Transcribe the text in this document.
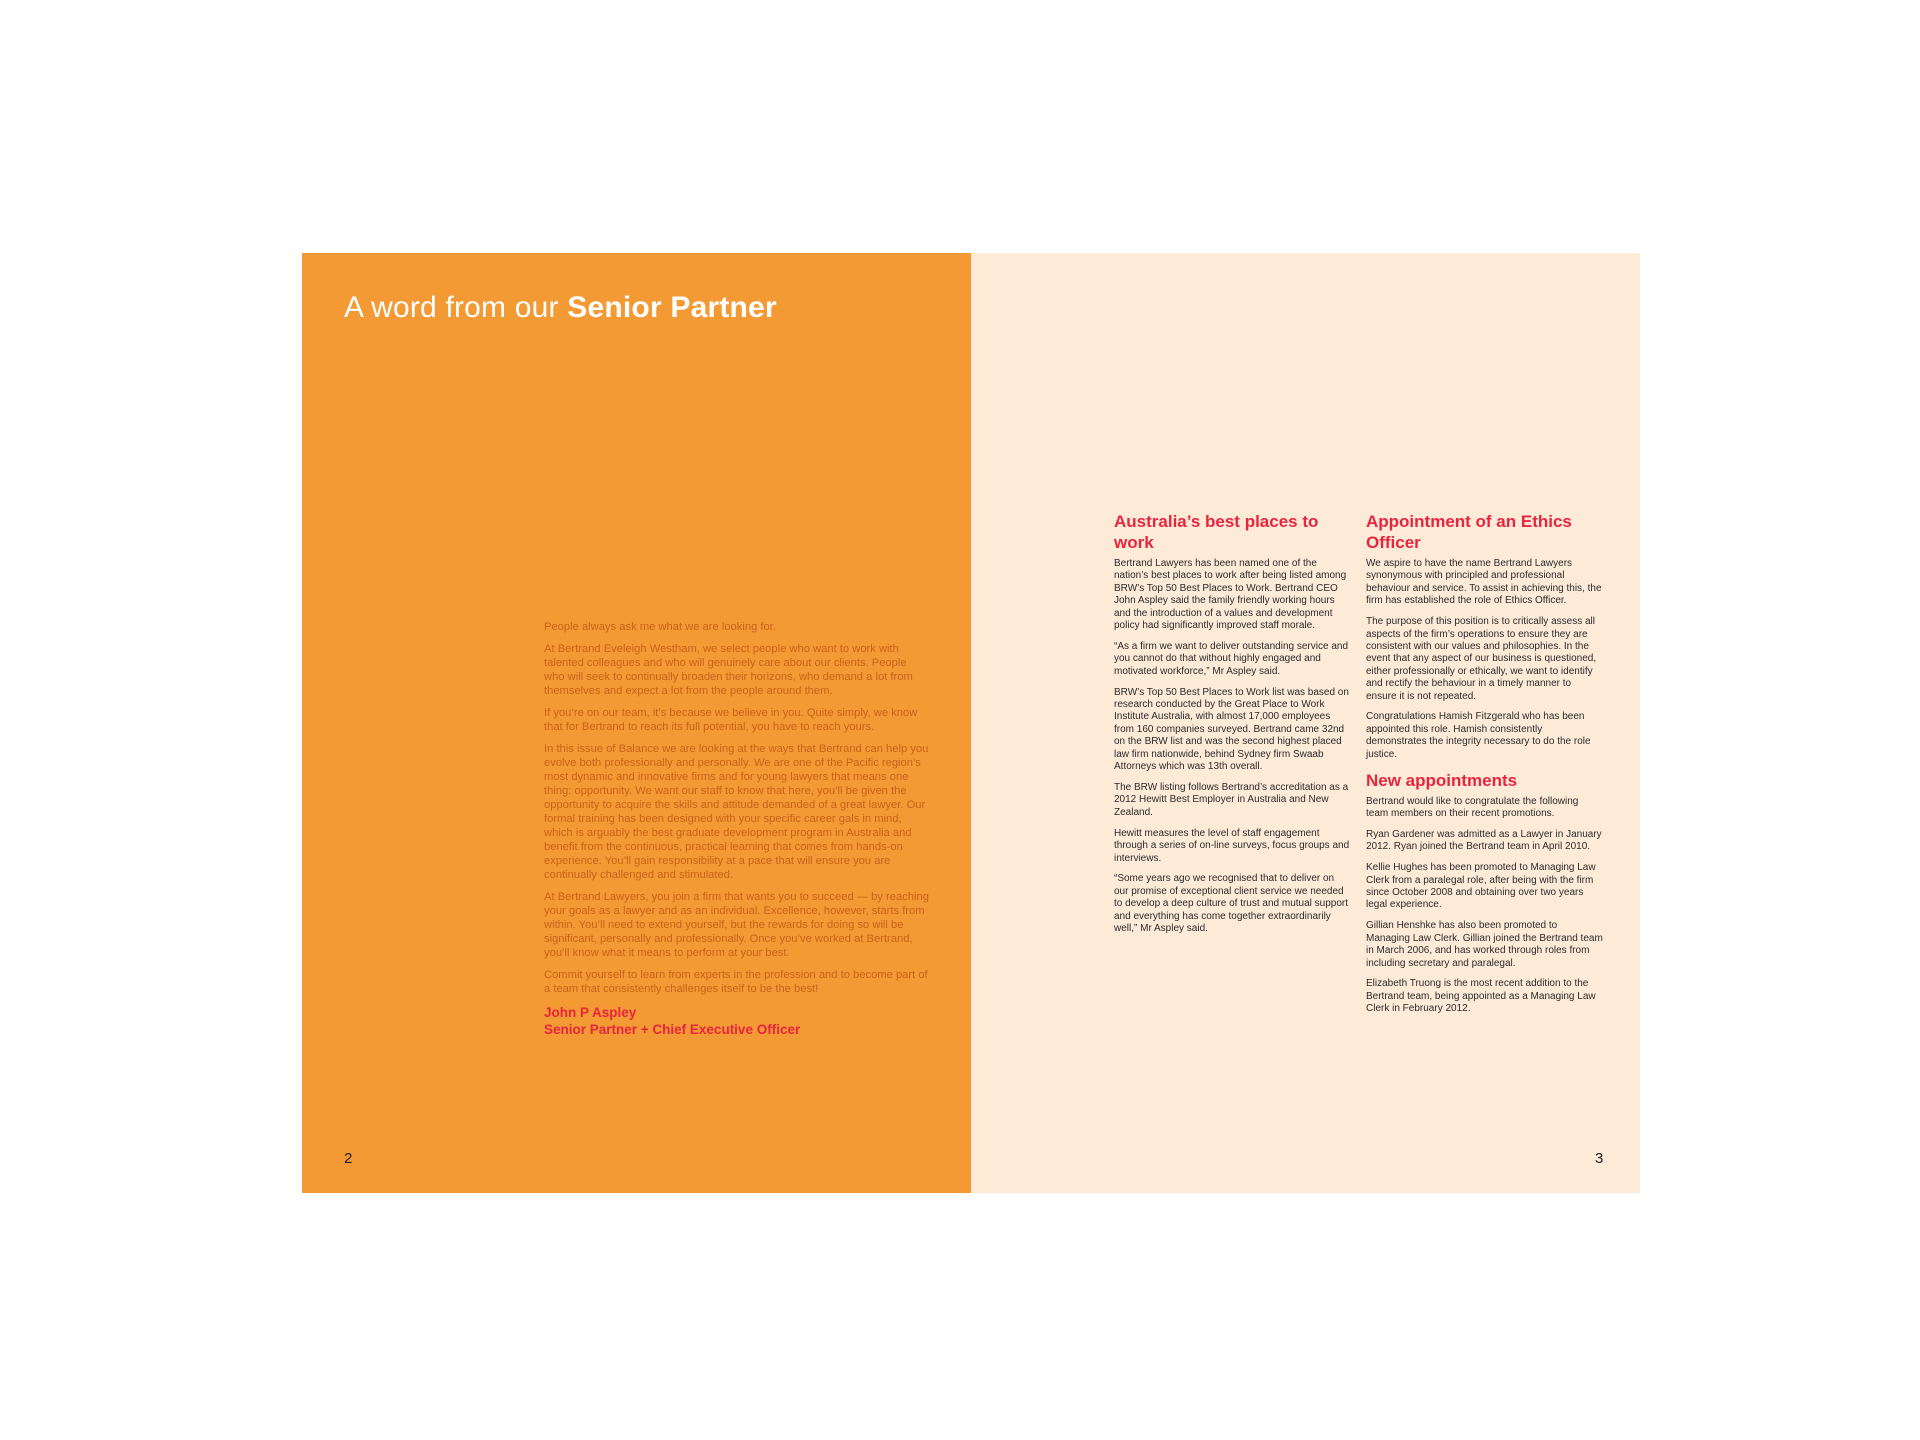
A word from our Senior Partner

People always ask me what we are looking for.

At Bertrand Eveleigh Westham, we select people who want to work with talented colleagues and who will genuinely care about our clients. People who will seek to continually broaden their horizons, who demand a lot from themselves and expect a lot from the people around them.

If you’re on our team, it’s because we believe in you. Quite simply, we know that for Bertrand to reach its full potential, you have to reach yours.

In this issue of Balance we are looking at the ways that Bertrand can help you evolve both professionally and personally. We are one of the Pacific region’s most dynamic and innovative firms and for young lawyers that means one thing: opportunity. We want our staff to know that here, you’ll be given the opportunity to acquire the skills and attitude demanded of a great lawyer. Our formal training has been designed with your specific career gals in mind, which is arguably the best graduate development program in Australia and benefit from the continuous, practical learning that comes from hands-on experience. You’ll gain responsibility at a pace that will ensure you are continually challenged and stimulated.

At Bertrand Lawyers, you join a firm that wants you to succeed — by reaching your goals as a lawyer and as an individual. Excellence, however, starts from within. You’ll need to extend yourself, but the rewards for doing so will be significant, personally and professionally. Once you’ve worked at Bertrand, you’ll know what it means to perform at your best.

Commit yourself to learn from experts in the profession and to become part of a team that consistently challenges itself to be the best!

John P Aspley
Senior Partner + Chief Executive Officer
2
Australia’s best places to work

Bertrand Lawyers has been named one of the nation’s best places to work after being listed among BRW’s Top 50 Best Places to Work. Bertrand CEO John Aspley said the family friendly working hours and the introduction of a values and development policy had significantly improved staff morale.

“As a firm we want to deliver outstanding service and you cannot do that without highly engaged and motivated workforce,” Mr Aspley said.

BRW’s Top 50 Best Places to Work list was based on research conducted by the Great Place to Work Institute Australia, with almost 17,000 employees from 160 companies surveyed. Bertrand came 32nd on the BRW list and was the second highest placed law firm nationwide, behind Sydney firm Swaab Attorneys which was 13th overall.

The BRW listing follows Bertrand’s accreditation as a 2012 Hewitt Best Employer in Australia and New Zealand.

Hewitt measures the level of staff engagement through a series of on-line surveys, focus groups and interviews.

“Some years ago we recognised that to deliver on our promise of exceptional client service we needed to develop a deep culture of trust and mutual support and everything has come together extraordinarily well,” Mr Aspley said.

Appointment of an Ethics Officer

We aspire to have the name Bertrand Lawyers synonymous with principled and professional behaviour and service. To assist in achieving this, the firm has established the role of Ethics Officer.

The purpose of this position is to critically assess all aspects of the firm’s operations to ensure they are consistent with our values and philosophies. In the event that any aspect of our business is questioned, either professionally or ethically, we want to identify and rectify the behaviour in a timely manner to ensure it is not repeated.

Congratulations Hamish Fitzgerald who has been appointed this role. Hamish consistently demonstrates the integrity necessary to do the role justice.

New appointments

Bertrand would like to congratulate the following team members on their recent promotions.

Ryan Gardener was admitted as a Lawyer in January 2012. Ryan joined the Bertrand team in April 2010.

Kellie Hughes has been promoted to Managing Law Clerk from a paralegal role, after being with the firm since October 2008 and obtaining over two years legal experience.

Gillian Henshke has also been promoted to Managing Law Clerk. Gillian joined the Bertrand team in March 2006, and has worked through roles from including secretary and paralegal.

Elizabeth Truong is the most recent addition to the Bertrand team, being appointed as a Managing Law Clerk in February 2012.

3
